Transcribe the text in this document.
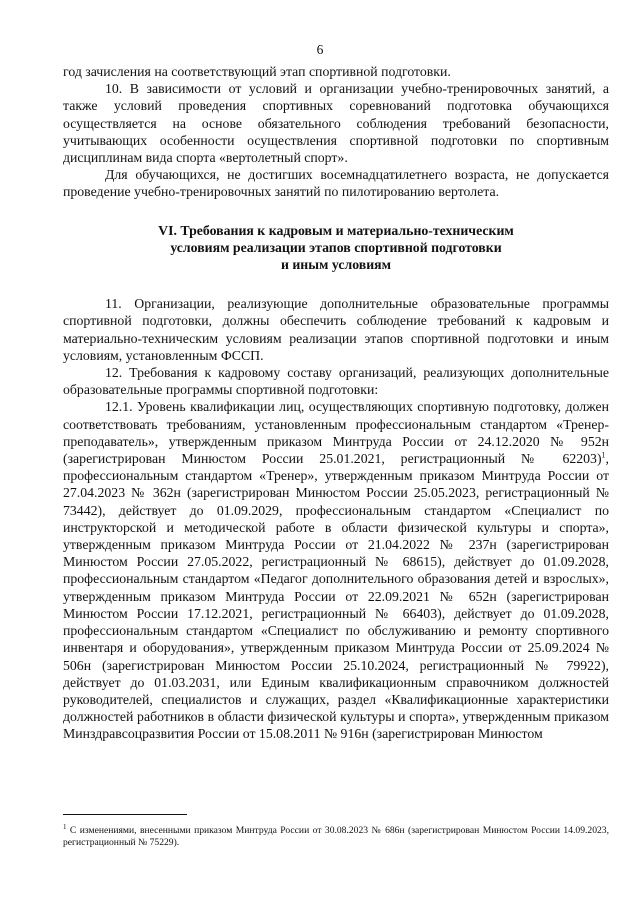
6

год зачисления на соответствующий этап спортивной подготовки.

10. В зависимости от условий и организации учебно-тренировочных занятий, а также условий проведения спортивных соревнований подготовка обучающихся осуществляется на основе обязательного соблюдения требований безопасности, учитывающих особенности осуществления спортивной подготовки по спортивным дисциплинам вида спорта «вертолетный спорт».

Для обучающихся, не достигших восемнадцатилетнего возраста, не допускается проведение учебно-тренировочных занятий по пилотированию вертолета.

VI. Требования к кадровым и материально-техническим
условиям реализации этапов спортивной подготовки
и иным условиям

11. Организации, реализующие дополнительные образовательные программы спортивной подготовки, должны обеспечить соблюдение требований к кадровым и материально-техническим условиям реализации этапов спортивной подготовки и иным условиям, установленным ФССП.

12. Требования к кадровому составу организаций, реализующих дополнительные образовательные программы спортивной подготовки:

12.1. Уровень квалификации лиц, осуществляющих спортивную подготовку, должен соответствовать требованиям, установленным профессиональным стандартом «Тренер-преподаватель», утвержденным приказом Минтруда России от 24.12.2020 № 952н (зарегистрирован Минюстом России 25.01.2021, регистрационный № 62203)$^1$, профессиональным стандартом «Тренер», утвержденным приказом Минтруда России от 27.04.2023 № 362н (зарегистрирован Минюстом России 25.05.2023, регистрационный № 73442), действует до 01.09.2029, профессиональным стандартом «Специалист по инструкторской и методической работе в области физической культуры и спорта», утвержденным приказом Минтруда России от 21.04.2022 № 237н (зарегистрирован Минюстом России 27.05.2022, регистрационный № 68615), действует до 01.09.2028, профессиональным стандартом «Педагог дополнительного образования детей и взрослых», утвержденным приказом Минтруда России от 22.09.2021 № 652н (зарегистрирован Минюстом России 17.12.2021, регистрационный № 66403), действует до 01.09.2028, профессиональным стандартом «Специалист по обслуживанию и ремонту спортивного инвентаря и оборудования», утвержденным приказом Минтруда России от 25.09.2024 № 506н (зарегистрирован Минюстом России 25.10.2024, регистрационный № 79922), действует до 01.03.2031, или Единым квалификационным справочником должностей руководителей, специалистов и служащих, раздел «Квалификационные характеристики должностей работников в области физической культуры и спорта», утвержденным приказом Минздравсоцразвития России от 15.08.2011 № 916н (зарегистрирован Минюстом

$^1$ С изменениями, внесенными приказом Минтруда России от 30.08.2023 № 686н (зарегистрирован Минюстом России 14.09.2023, регистрационный № 75229).
